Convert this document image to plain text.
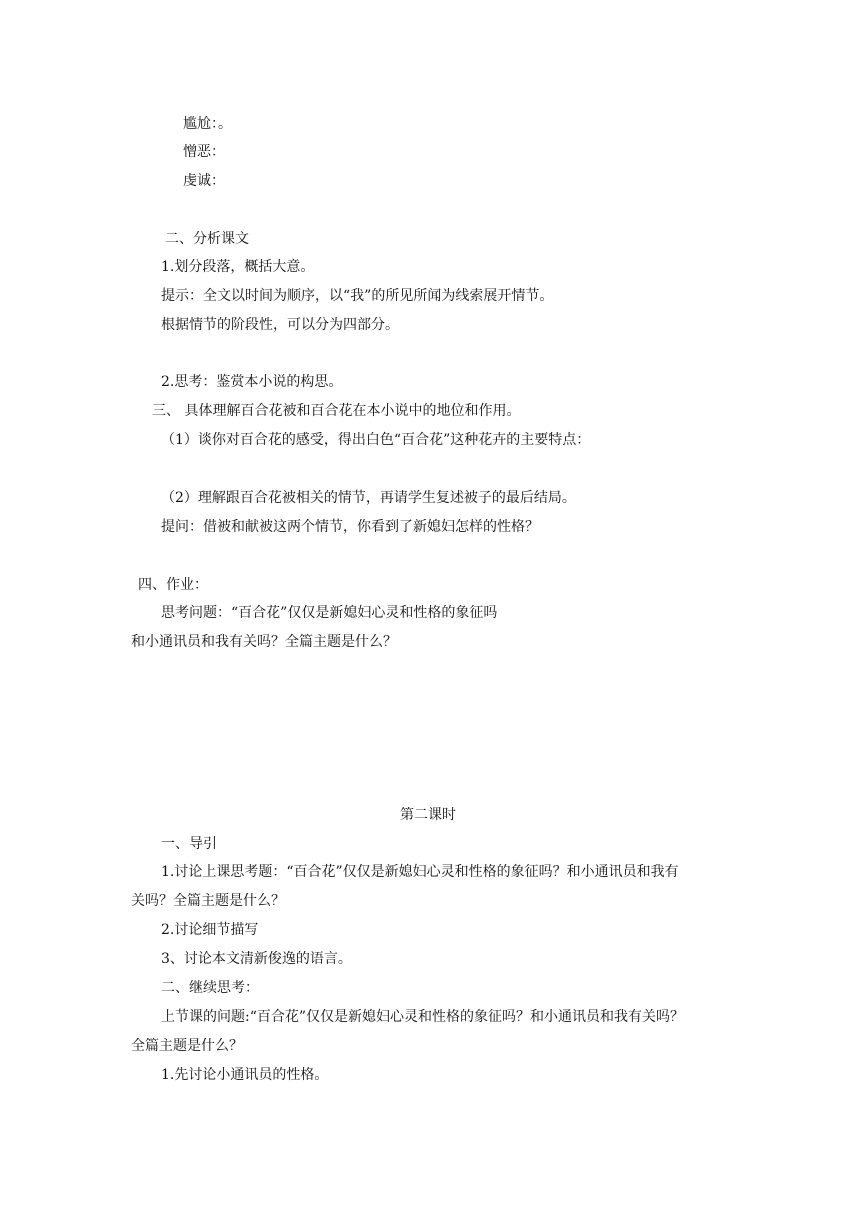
尴尬：。
憎恶：
虔诚：
二、分析课文
1.划分段落，概括大意。
提示：全文以时间为顺序，以“我”的所见所闻为线索展开情节。
根据情节的阶段性，可以分为四部分。
2.思考：鉴赏本小说的构思。
三、 具体理解百合花被和百合花在本小说中的地位和作用。
（1）谈你对百合花的感受，得出白色“百合花”这种花卉的主要特点：
（2）理解跟百合花被相关的情节，再请学生复述被子的最后结局。
提问：借被和献被这两个情节，你看到了新媳妇怎样的性格？
四、作业：
思考问题：“百合花”仅仅是新媳妇心灵和性格的象征吗
和小通讯员和我有关吗？全篇主题是什么？
第二课时
一、导引
1.讨论上课思考题：“百合花”仅仅是新媳妇心灵和性格的象征吗？和小通讯员和我有
关吗？全篇主题是什么？
2.讨论细节描写
3、讨论本文清新俊逸的语言。
二、继续思考：
上节课的问题:“百合花”仅仅是新媳妇心灵和性格的象征吗？和小通讯员和我有关吗？
全篇主题是什么？
1.先讨论小通讯员的性格。
